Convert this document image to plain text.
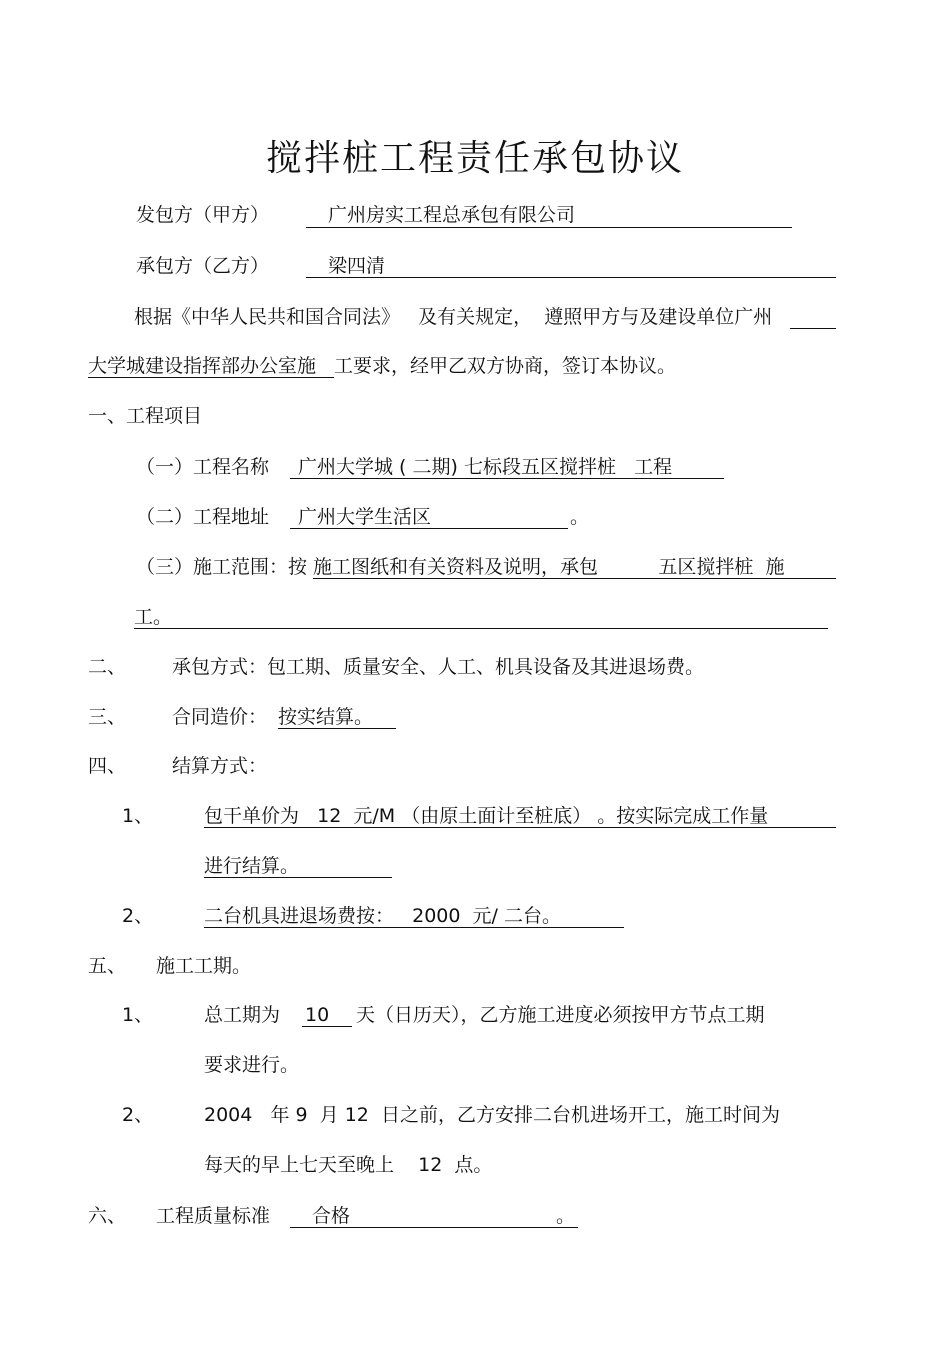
搅拌桩工程责任承包协议
发包方（甲方）	广州房实工程总承包有限公司
承包方（乙方）	梁四清
根据《中华人民共和国合同法》   及有关规定，  遵照甲方与及建设单位广州
大学城建设指挥部办公室施 工要求，经甲乙双方协商，签订本协议。
一、工程项目
（一）工程名称 广州大学城 ( 二期) 七标段五区搅拌桩   工程
（二）工程地址 广州大学生活区	。
（三）施工范围：按 施工图纸和有关资料及说明，承包          五区搅拌桩  施
工。
二、 承包方式：包工期、质量安全、人工、机具设备及其进退场费。
三、 合同造价： 按实结算。
四、 结算方式：
1、	包干单价为   12  元/M （由原土面计至桩底） 。按实际完成工作量
进行结算。
2、	二台机具进退场费按：   2000  元/ 二台。
五、 施工工期。
1、	总工期为 10 天（日历天），乙方施工进度必须按甲方节点工期
要求进行。
2、	2004   年 9  月 12  日之前，乙方安排二台机进场开工，施工时间为
每天的早上七天至晚上    12  点。
六、 工程质量标准 合格	。
